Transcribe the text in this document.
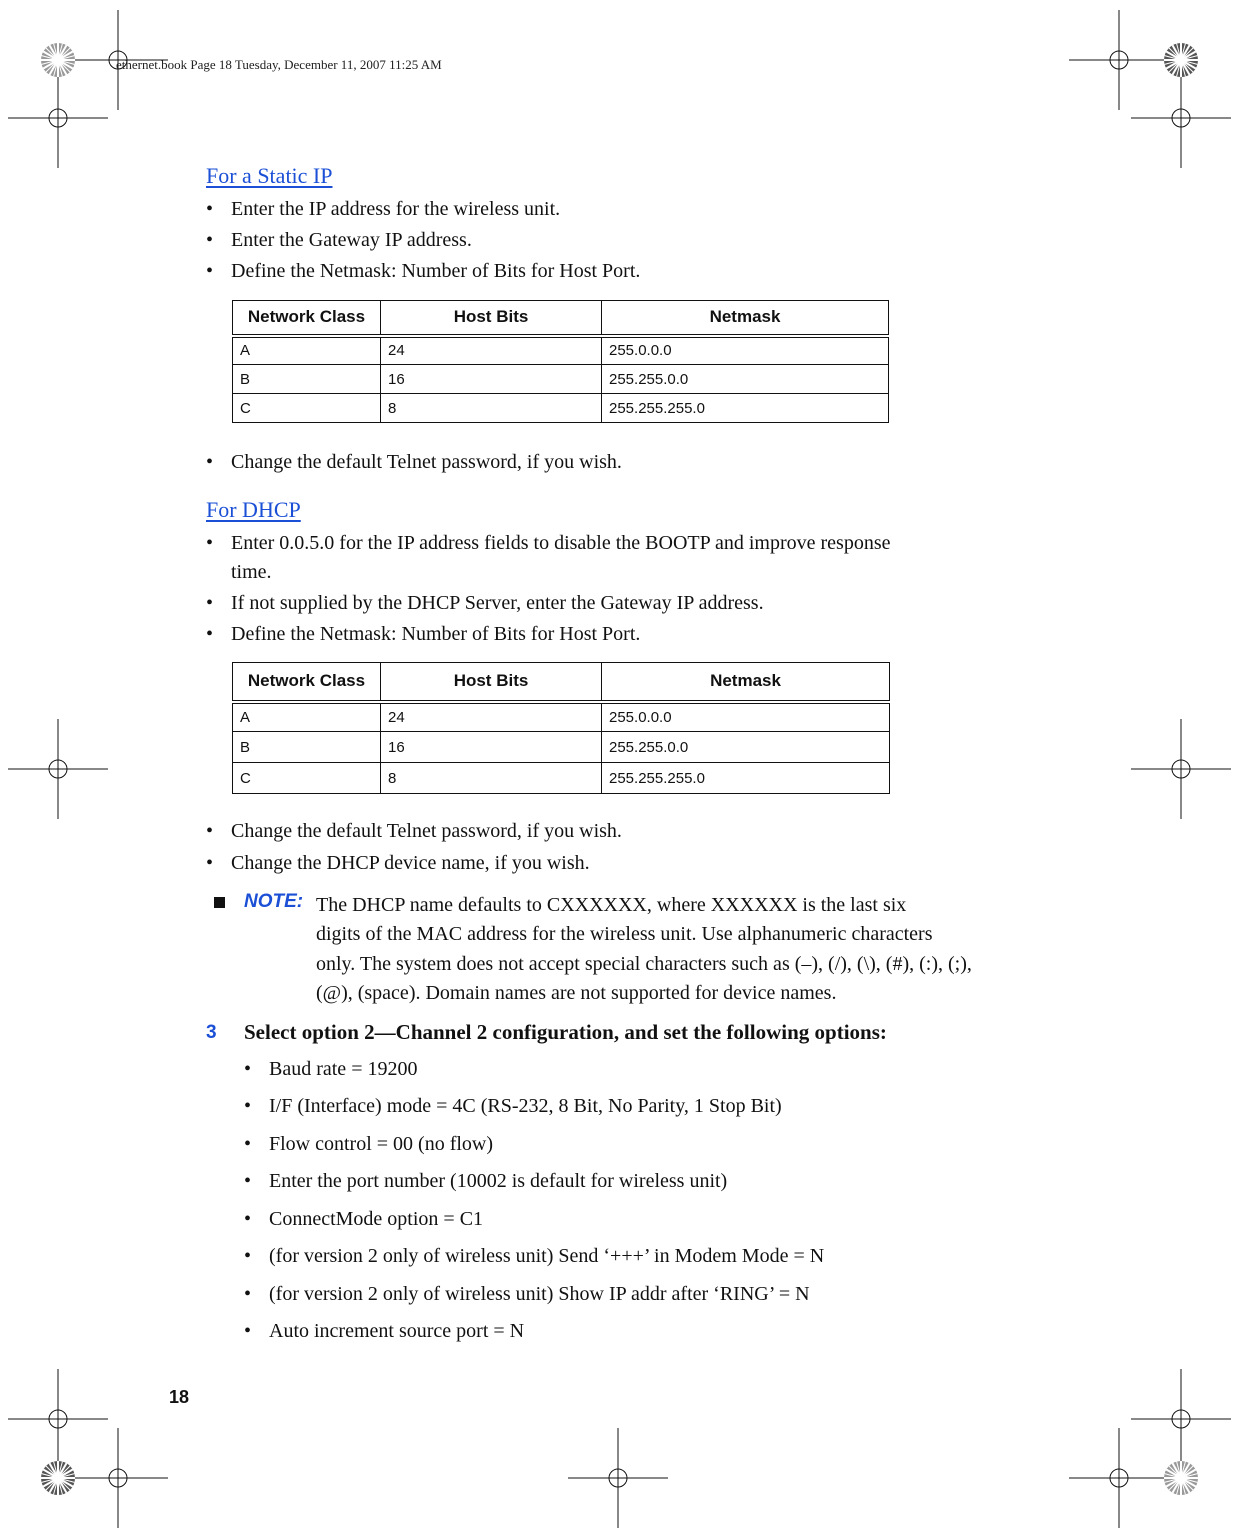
ethernet.book Page 18 Tuesday, December 11, 2007 11:25 AM
For a Static IP
• Enter the IP address for the wireless unit.
• Enter the Gateway IP address.
• Define the Netmask: Number of Bits for Host Port.
Network Class	Host Bits	Netmask
A	24	255.0.0.0
B	16	255.255.0.0
C	8	255.255.255.0
• Change the default Telnet password, if you wish.
For DHCP
• Enter 0.0.5.0 for the IP address fields to disable the BOOTP and improve response
time.
• If not supplied by the DHCP Server, enter the Gateway IP address.
• Define the Netmask: Number of Bits for Host Port.
Network Class	Host Bits	Netmask
A	24	255.0.0.0
B	16	255.255.0.0
C	8	255.255.255.0
• Change the default Telnet password, if you wish.
• Change the DHCP device name, if you wish.
NOTE: The DHCP name defaults to CXXXXXX, where XXXXXX is the last six
digits of the MAC address for the wireless unit. Use alphanumeric characters
only. The system does not accept special characters such as (–), (/), (\), (#), (:), (;),
(@), (space). Domain names are not supported for device names.
3 Select option 2—Channel 2 configuration, and set the following options:
• Baud rate = 19200
• I/F (Interface) mode = 4C (RS-232, 8 Bit, No Parity, 1 Stop Bit)
• Flow control = 00 (no flow)
• Enter the port number (10002 is default for wireless unit)
• ConnectMode option = C1
• (for version 2 only of wireless unit) Send ‘+++’ in Modem Mode = N
• (for version 2 only of wireless unit) Show IP addr after ‘RING’ = N
• Auto increment source port = N
18
